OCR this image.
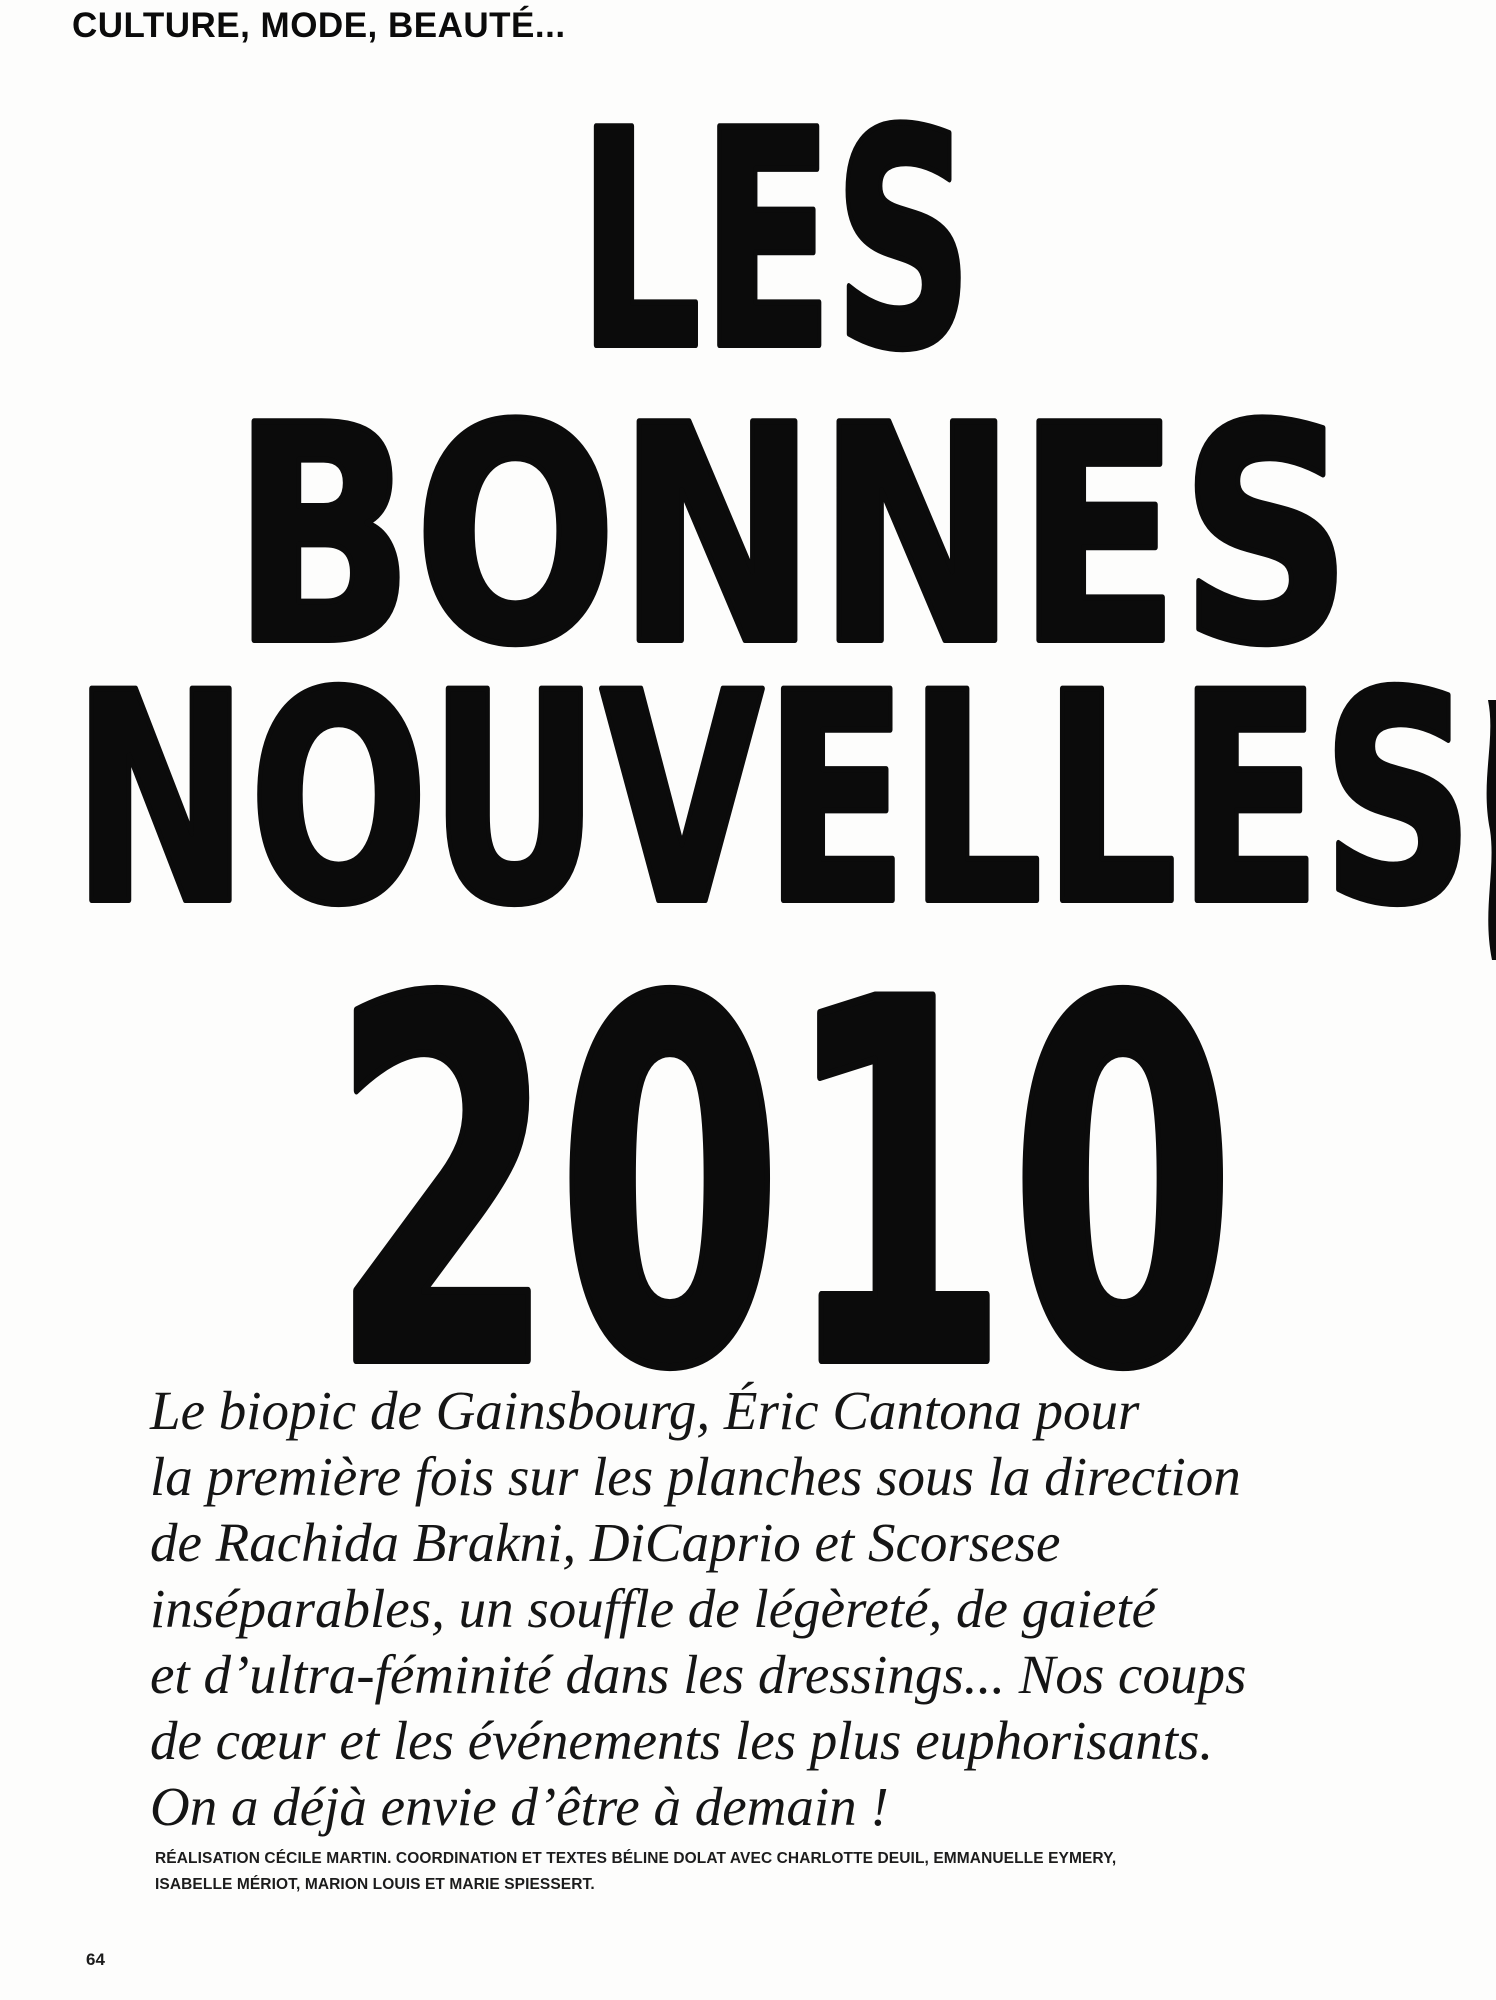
CULTURE, MODE, BEAUTÉ...

LES
BONNES
NOUVELLES
2010

Le biopic de Gainsbourg, Éric Cantona pour
la première fois sur les planches sous la direction
de Rachida Brakni, DiCaprio et Scorsese
inséparables, un souffle de légèreté, de gaieté
et d’ultra-féminité dans les dressings... Nos coups
de cœur et les événements les plus euphorisants.
On a déjà envie d’être à demain !

RÉALISATION CÉCILE MARTIN. COORDINATION ET TEXTES BÉLINE DOLAT AVEC CHARLOTTE DEUIL, EMMANUELLE EYMERY,
ISABELLE MÉRIOT, MARION LOUIS ET MARIE SPIESSERT.

64
